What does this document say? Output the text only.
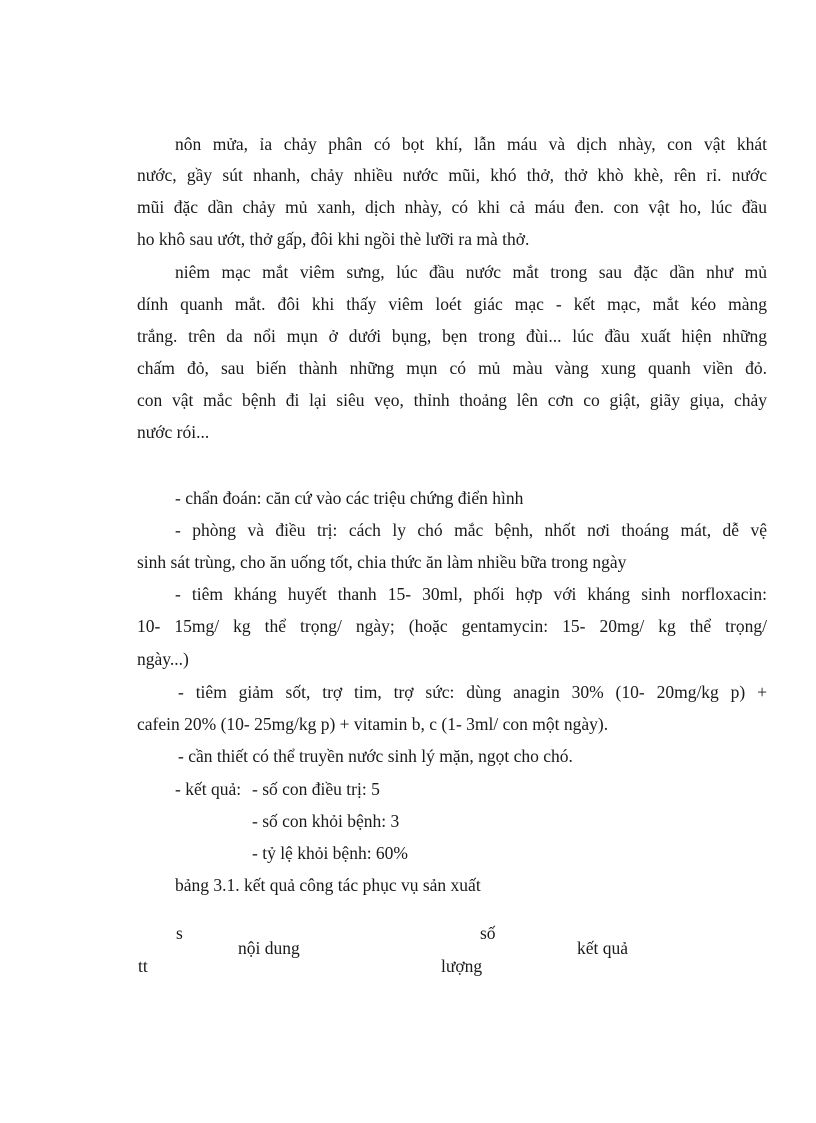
nôn mửa, ỉa chảy phân có bọt khí, lẫn máu và dịch nhày, con vật khát
nước, gầy sút nhanh, chảy nhiều nước mũi, khó thở, thở khò khè, rên rỉ. nước
mũi đặc dần chảy mủ xanh, dịch nhày, có khi cả máu đen. con vật ho, lúc đầu
ho khô sau ướt, thở gấp, đôi khi ngồi thè lưỡi ra mà thở.
niêm mạc mắt viêm sưng, lúc đầu nước mắt trong sau đặc dần như mủ
dính quanh mắt. đôi khi thấy viêm loét giác mạc - kết mạc, mắt kéo màng
trắng. trên da nổi mụn ở dưới bụng, bẹn trong đùi... lúc đầu xuất hiện những
chấm đỏ, sau biến thành những mụn có mủ màu vàng xung quanh viền đỏ.
con vật mắc bệnh đi lại siêu vẹo, thỉnh thoảng lên cơn co giật, giãy giụa, chảy
nước rói...
- chẩn đoán: căn cứ vào các triệu chứng điển hình
- phòng và điều trị: cách ly chó mắc bệnh, nhốt nơi thoáng mát, dễ vệ
sinh sát trùng, cho ăn uống tốt, chia thức ăn làm nhiều bữa trong ngày
- tiêm kháng huyết thanh 15- 30ml, phối hợp với kháng sinh norfloxacin:
10- 15mg/ kg thể trọng/ ngày; (hoặc gentamycin: 15- 20mg/ kg thể trọng/
ngày...)
- tiêm giảm sốt, trợ tim, trợ sức: dùng anagin 30% (10- 20mg/kg p) +
cafein 20% (10- 25mg/kg p) + vitamin b, c (1- 3ml/ con một ngày).
- cần thiết có thể truyền nước sinh lý mặn, ngọt cho chó.
- kết quả: - số con điều trị: 5
- số con khỏi bệnh: 3
- tỷ lệ khỏi bệnh: 60%
bảng 3.1. kết quả công tác phục vụ sản xuất
s
tt
nội dung
số
lượng
kết quả
